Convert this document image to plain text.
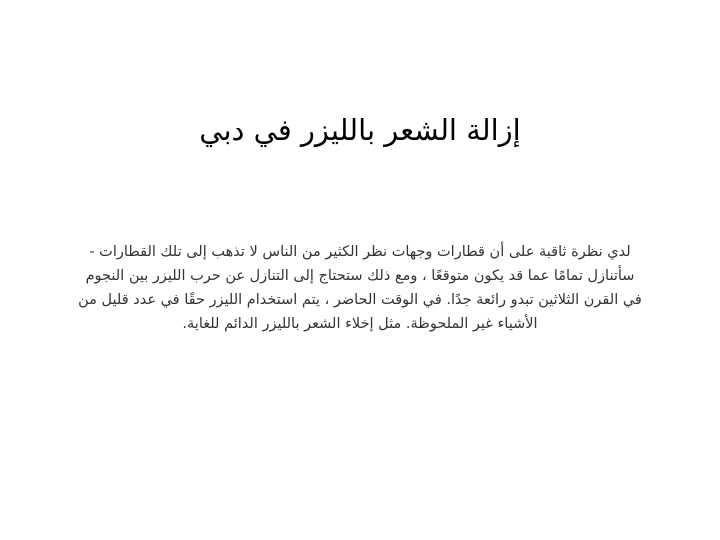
إزالة الشعر بالليزر في دبي

لدي نظرة ثاقبة على أن قطارات وجهات نظر الكثير من الناس لا تذهب إلى تلك القطارات - سأتنازل تمامًا عما قد يكون متوقعًا ، ومع ذلك ستحتاج إلى التنازل عن حرب الليزر بين النجوم في القرن الثلاثين تبدو رائعة جدًا. في الوقت الحاضر ، يتم استخدام الليزر حقًا في عدد قليل من الأشياء غير الملحوظة. مثل إخلاء الشعر بالليزر الدائم للغاية.
